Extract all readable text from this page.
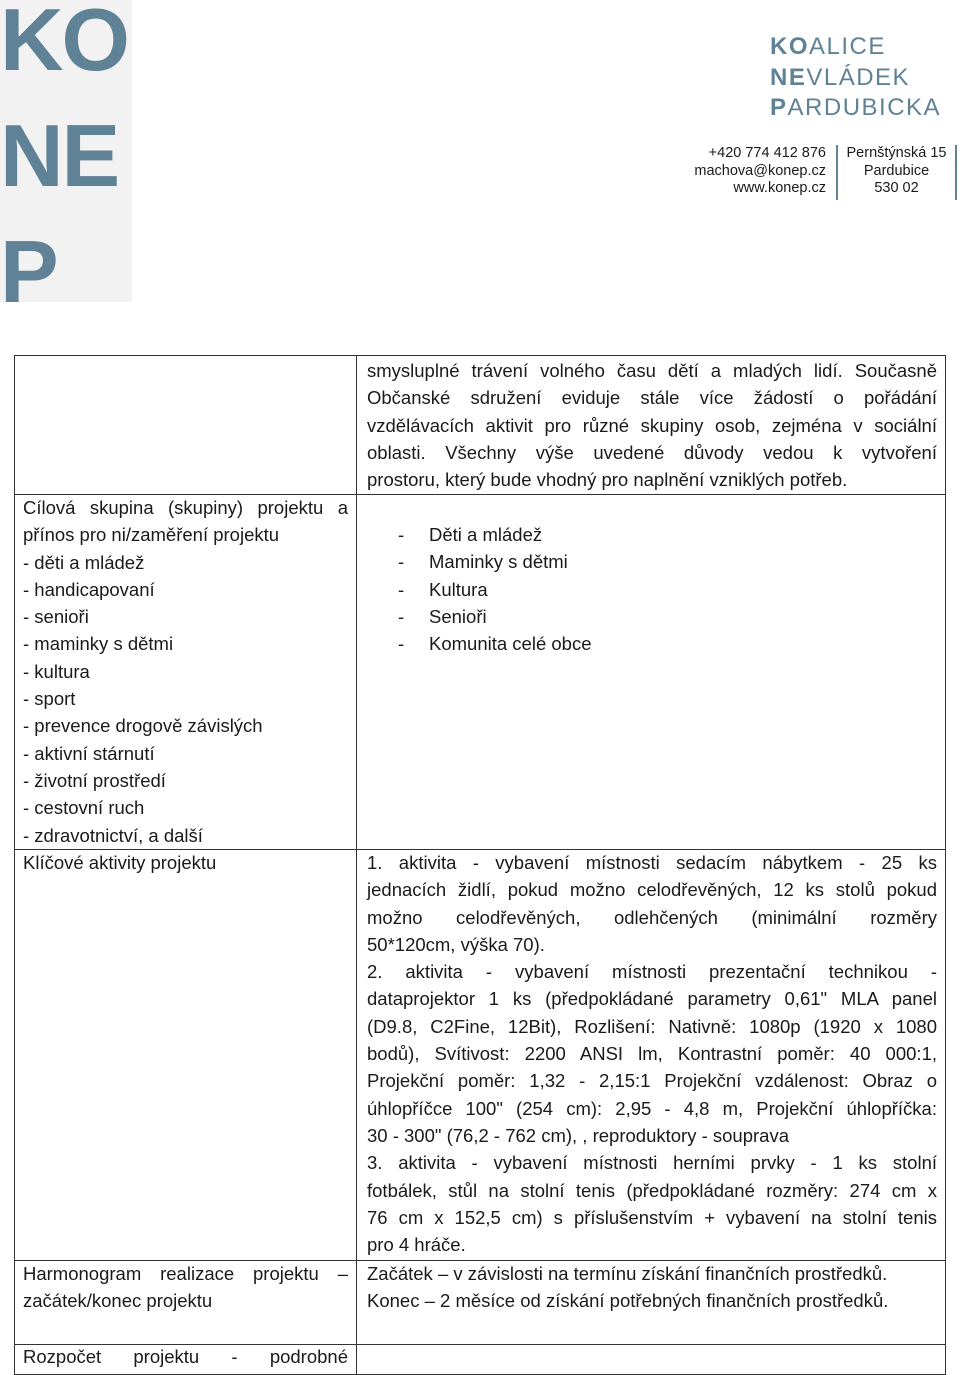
KO
NE
P
KOALICE
NEVLÁDEK
PARDUBICKA
+420 774 412 876
machova@konep.cz
www.konep.cz
Pernštýnská 15
Pardubice
530 02
smysluplné trávení volného času dětí a mladých lidí. Současně
Občanské sdružení eviduje stále více žádostí o pořádání
vzdělávacích aktivit pro různé skupiny osob, zejména v sociální
oblasti. Všechny výše uvedené důvody vedou k vytvoření
prostoru, který bude vhodný pro naplnění vzniklých potřeb.
Cílová skupina (skupiny) projektu a
přínos pro ni/zaměření projektu
- děti a mládež
- handicapovaní
- senioři
- maminky s dětmi
- kultura
- sport
- prevence drogově závislých
- aktivní stárnutí
- životní prostředí
- cestovní ruch
- zdravotnictví, a další
- Děti a mládež
- Maminky s dětmi
- Kultura
- Senioři
- Komunita celé obce
Klíčové aktivity projektu	1. aktivita - vybavení místnosti sedacím nábytkem - 25 ks
jednacích židlí, pokud možno celodřevěných, 12 ks stolů pokud
možno celodřevěných, odlehčených (minimální rozměry
50*120cm, výška 70).
2. aktivita - vybavení místnosti prezentační technikou -
dataprojektor 1 ks (předpokládané parametry 0,61" MLA panel
(D9.8, C2Fine, 12Bit), Rozlišení: Nativně: 1080p (1920 x 1080
bodů), Svítivost: 2200 ANSI lm, Kontrastní poměr: 40 000:1,
Projekční poměr: 1,32 - 2,15:1 Projekční vzdálenost: Obraz o
úhlopříčce 100" (254 cm): 2,95 - 4,8 m, Projekční úhlopříčka:
30 - 300" (76,2 - 762 cm), , reproduktory - souprava
3. aktivita - vybavení místnosti herními prvky - 1 ks stolní
fotbálek, stůl na stolní tenis (předpokládané rozměry: 274 cm x
76 cm x 152,5 cm) s příslušenstvím + vybavení na stolní tenis
pro 4 hráče.
Harmonogram realizace projektu –
začátek/konec projektu
Začátek – v závislosti na termínu získání finančních prostředků.
Konec – 2 měsíce od získání potřebných finančních prostředků.
Rozpočet projektu - podrobné
